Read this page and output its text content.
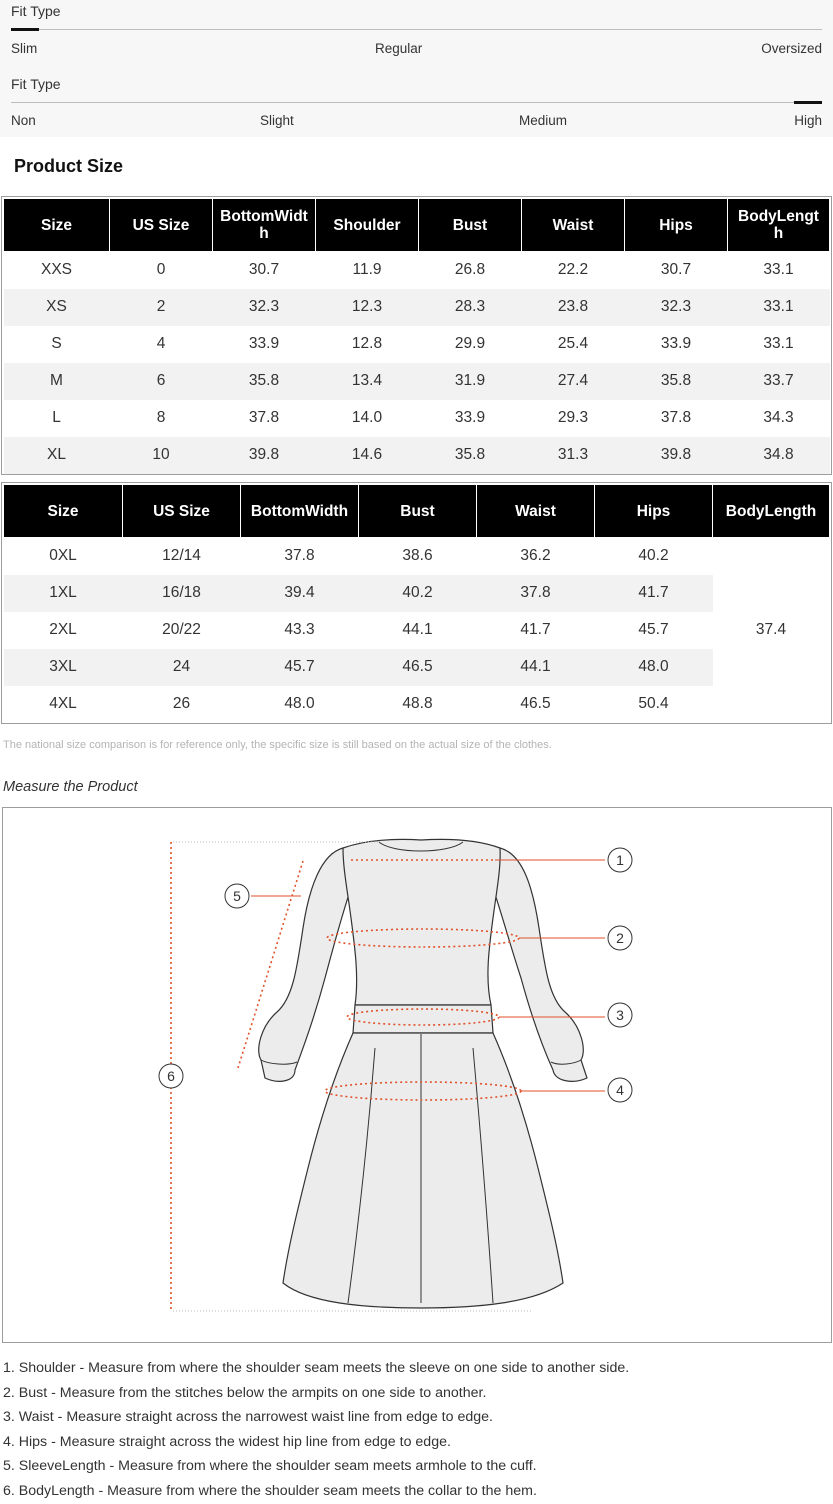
Fit Type
Slim	Regular	Oversized
Fit Type
Non	Slight	Medium	High
Product Size
Size	US Size	BottomWidth	Shoulder	Bust	Waist	Hips	BodyLength
XXS	0	30.7	11.9	26.8	22.2	30.7	33.1
XS	2	32.3	12.3	28.3	23.8	32.3	33.1
S	4	33.9	12.8	29.9	25.4	33.9	33.1
M	6	35.8	13.4	31.9	27.4	35.8	33.7
L	8	37.8	14.0	33.9	29.3	37.8	34.3
XL	10	39.8	14.6	35.8	31.3	39.8	34.8
Size	US Size	BottomWidth	Bust	Waist	Hips	BodyLength
0XL	12/14	37.8	38.6	36.2	40.2	37.4
1XL	16/18	39.4	40.2	37.8	41.7	
2XL	20/22	43.3	44.1	41.7	45.7	
3XL	24	45.7	46.5	44.1	48.0	
4XL	26	48.0	48.8	46.5	50.4	
The national size comparison is for reference only, the specific size is still based on the actual size of the clothes.
Measure the Product
1
2
3
4
5
6
1. Shoulder - Measure from where the shoulder seam meets the sleeve on one side to another side.
2. Bust - Measure from the stitches below the armpits on one side to another.
3. Waist - Measure straight across the narrowest waist line from edge to edge.
4. Hips - Measure straight across the widest hip line from edge to edge.
5. SleeveLength - Measure from where the shoulder seam meets armhole to the cuff.
6. BodyLength - Measure from where the shoulder seam meets the collar to the hem.
